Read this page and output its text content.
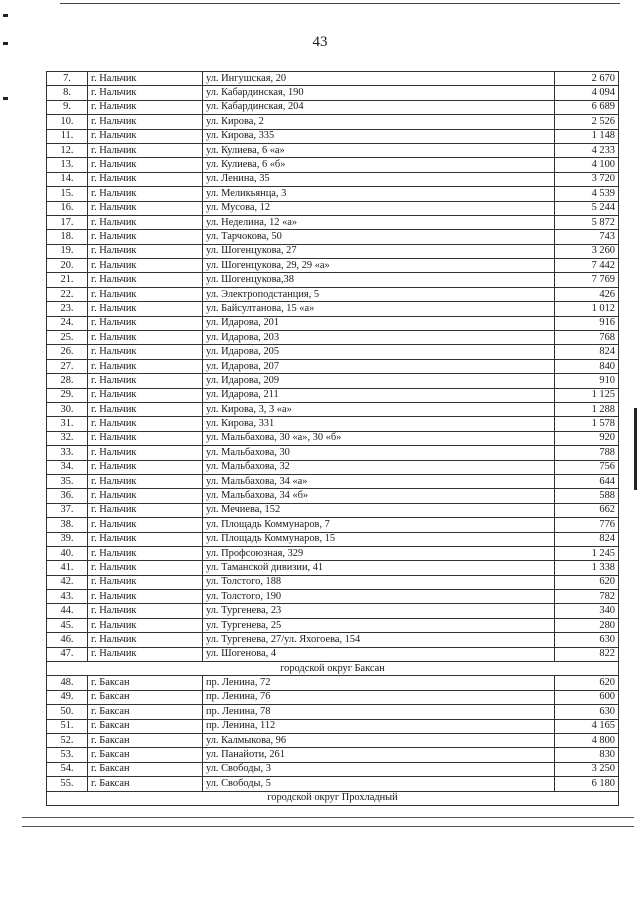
43
7.	г. Нальчик	ул. Ингушская, 20	2 670
8.	г. Нальчик	ул. Кабардинская, 190	4 094
9.	г. Нальчик	ул. Кабардинская, 204	6 689
10.	г. Нальчик	ул. Кирова, 2	2 526
11.	г. Нальчик	ул. Кирова, 335	1 148
12.	г. Нальчик	ул. Кулиева, 6 «а»	4 233
13.	г. Нальчик	ул. Кулиева, 6 «б»	4 100
14.	г. Нальчик	ул. Ленина, 35	3 720
15.	г. Нальчик	ул. Меликьянца, 3	4 539
16.	г. Нальчик	ул. Мусова, 12	5 244
17.	г. Нальчик	ул. Неделина, 12 «а»	5 872
18.	г. Нальчик	ул. Тарчокова, 50	743
19.	г. Нальчик	ул. Шогенцукова, 27	3 260
20.	г. Нальчик	ул. Шогенцукова, 29, 29 «а»	7 442
21.	г. Нальчик	ул. Шогенцукова,38	7 769
22.	г. Нальчик	ул. Электроподстанция, 5	426
23.	г. Нальчик	ул. Байсултанова, 15 «а»	1 012
24.	г. Нальчик	ул. Идарова, 201	916
25.	г. Нальчик	ул. Идарова, 203	768
26.	г. Нальчик	ул. Идарова, 205	824
27.	г. Нальчик	ул. Идарова, 207	840
28.	г. Нальчик	ул. Идарова, 209	910
29.	г. Нальчик	ул. Идарова, 211	1 125
30.	г. Нальчик	ул. Кирова, 3, 3 «а»	1 288
31.	г. Нальчик	ул. Кирова, 331	1 578
32.	г. Нальчик	ул. Мальбахова, 30 «а», 30 «б»	920
33.	г. Нальчик	ул. Мальбахова, 30	788
34.	г. Нальчик	ул. Мальбахова, 32	756
35.	г. Нальчик	ул. Мальбахова, 34 «а»	644
36.	г. Нальчик	ул. Мальбахова, 34 «б»	588
37.	г. Нальчик	ул. Мечиева, 152	662
38.	г. Нальчик	ул. Площадь Коммунаров, 7	776
39.	г. Нальчик	ул. Площадь Коммунаров, 15	824
40.	г. Нальчик	ул. Профсоюзная, 329	1 245
41.	г. Нальчик	ул. Таманской дивизии, 41	1 338
42.	г. Нальчик	ул. Толстого, 188	620
43.	г. Нальчик	ул. Толстого, 190	782
44.	г. Нальчик	ул. Тургенева, 23	340
45.	г. Нальчик	ул. Тургенева, 25	280
46.	г. Нальчик	ул. Тургенева, 27/ул. Яхогоева, 154	630
47.	г. Нальчик	ул. Шогенова, 4	822
городской округ Баксан			
48.	г. Баксан	пр. Ленина, 72	620
49.	г. Баксан	пр. Ленина, 76	600
50.	г. Баксан	пр. Ленина, 78	630
51.	г. Баксан	пр. Ленина, 112	4 165
52.	г. Баксан	ул. Калмыкова, 96	4 800
53.	г. Баксан	ул. Панайоти, 261	830
54.	г. Баксан	ул. Свободы, 3	3 250
55.	г. Баксан	ул. Свободы, 5	6 180
городской округ Прохладный			
